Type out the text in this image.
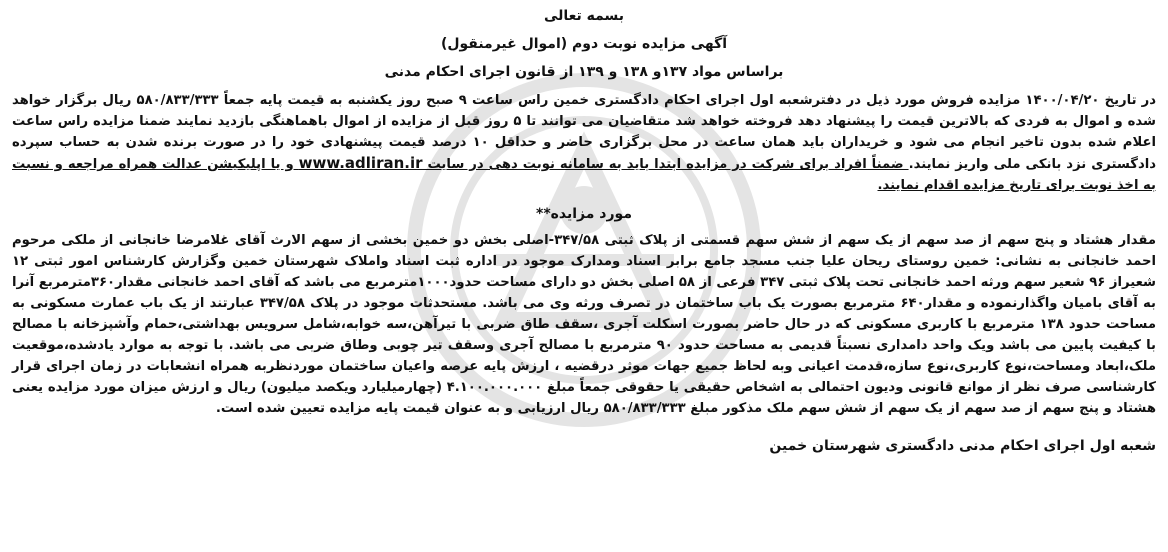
بسمه تعالی
آگهی مزایده نوبت دوم (اموال غیرمنقول)
براساس مواد ۱۳۷و ۱۳۸ و ۱۳۹ از قانون اجرای احکام مدنی

در تاریخ ۱۴۰۰/۰۴/۲۰ مزایده فروش مورد ذیل در دفترشعبه اول اجرای احکام دادگستری خمین راس ساعت ۹ صبح روز یکشنبه به قیمت پایه جمعاً ۵۸۰/۸۳۳/۳۳۳ ریال برگزار خواهد شده و اموال به فردی که بالاترین قیمت را پیشنهاد دهد فروخته خواهد شد متقاضیان می توانند تا ۵ روز قبل از مزایده از اموال باهماهنگی بازدید نمایند ضمنا مزایده راس ساعت اعلام شده بدون تاخیر انجام می شود و خریداران باید همان ساعت در محل برگزاری حاضر و حداقل ۱۰ درصد قیمت پیشنهادی خود را در صورت برنده شدن به حساب سپرده دادگستری نزد بانکی ملی واریز نمایند. ضمناً افراد برای شرکت در مزایده ابتدا باید به سامانه نوبت دهی در سایت www.adliran.ir و یا اپلیکیشن عدالت همراه مراجعه و نسبت به اخذ نوبت برای تاریخ مزایده اقدام نمایند.

مورد مزایده**

مقدار هشتاد و پنج سهم از صد سهم از یک سهم از شش سهم قسمتی از پلاک ثبتی ۳۴۷/۵۸-اصلی بخش دو خمین بخشی از سهم الارث آقای غلامرضا خانجانی از ملکی مرحوم احمد خانجانی به نشانی: خمین روستای ریحان علیا جنب مسجد جامع برابر اسناد ومدارک موجود در اداره ثبت اسناد واملاک شهرستان خمین وگزارش کارشناس امور ثبتی ۱۲ شعیراز ۹۶ شعیر سهم ورثه احمد خانجانی تحت پلاک ثبتی ۳۴۷ فرعی از ۵۸ اصلی بخش دو دارای مساحت حدود۱۰۰۰مترمربع می باشد که آقای احمد خانجانی مقدار۳۶۰مترمربع آنرا به آقای بامیان واگذارنموده و مقدار۶۴۰ مترمربع بصورت یک باب ساختمان در تصرف ورثه وی می باشد. مستحدثات موجود در پلاک ۳۴۷/۵۸ عبارتند از یک باب عمارت مسکونی به مساحت حدود ۱۳۸ مترمربع با کاربری مسکونی که در حال حاضر بصورت اسکلت آجری ،سقف طاق ضربی با تیرآهن،سه خوابه،شامل سرویس بهداشتی،حمام وآشپزخانه با مصالح با کیفیت پایین می باشد ویک واحد دامداری نسبتاً قدیمی به مساحت حدود ۹۰ مترمربع با مصالح آجری وسقف تیر چوبی وطاق ضربی می باشد. با توجه به موارد یادشده،موقعیت ملک،ابعاد ومساحت،نوع کاربری،نوع سازه،قدمت اعیانی وبه لحاظ جمیع جهات موثر درقضیه ، ارزش پایه عرصه واعیان ساختمان موردنظربه همراه انشعابات در زمان اجرای قرار کارشناسی صرف نظر از موانع قانونی ودیون احتمالی به اشخاص حقیقی یا حقوقی جمعاً مبلغ ۴.۱۰۰.۰۰۰.۰۰۰ (چهارمیلیارد ویکصد میلیون) ریال و ارزش میزان مورد مزایده یعنی هشتاد و پنج سهم از صد سهم از یک سهم از شش سهم ملک مذکور مبلغ ۵۸۰/۸۳۳/۳۳۳ ریال ارزیابی و به عنوان قیمت پایه مزایده تعیین شده است.

شعبه اول اجرای احکام مدنی دادگستری شهرستان خمین
